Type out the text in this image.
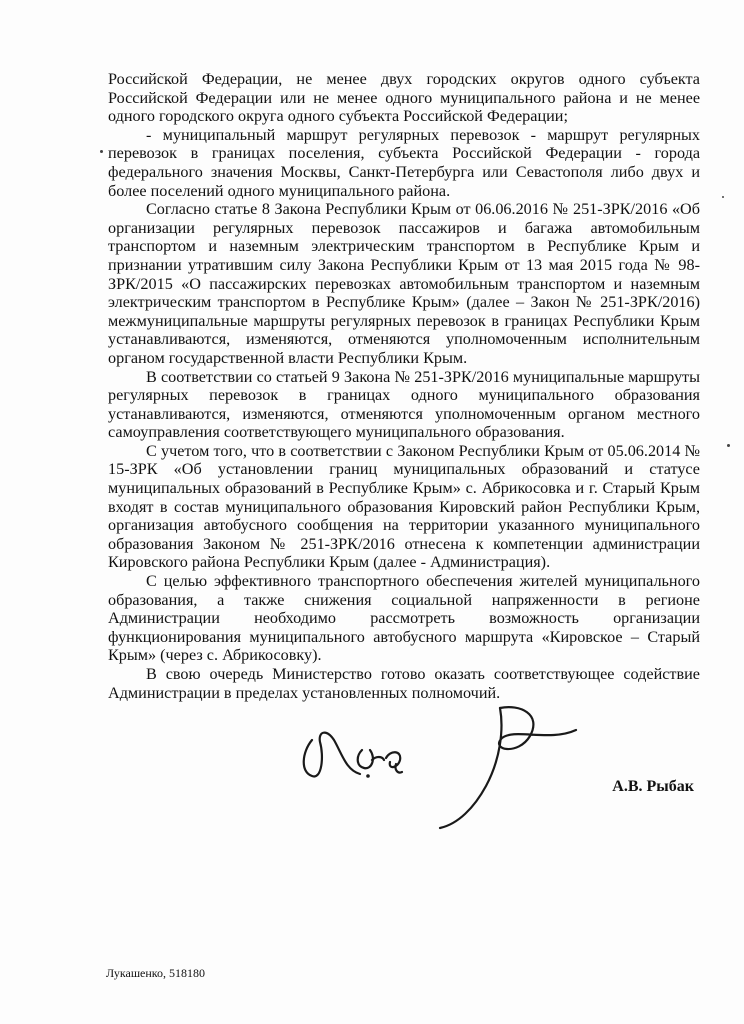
Российской Федерации, не менее двух городских округов одного субъекта Российской Федерации или не менее одного муниципального района и не менее одного городского округа одного субъекта Российской Федерации;

- муниципальный маршрут регулярных перевозок - маршрут регулярных перевозок в границах поселения, субъекта Российской Федерации - города федерального значения Москвы, Санкт-Петербурга или Севастополя либо двух и более поселений одного муниципального района.

Согласно статье 8 Закона Республики Крым от 06.06.2016 № 251-ЗРК/2016 «Об организации регулярных перевозок пассажиров и багажа автомобильным транспортом и наземным электрическим транспортом в Республике Крым и признании утратившим силу Закона Республики Крым от 13 мая 2015 года № 98-ЗРК/2015 «О пассажирских перевозках автомобильным транспортом и наземным электрическим транспортом в Республике Крым» (далее – Закон № 251-ЗРК/2016) межмуниципальные маршруты регулярных перевозок в границах Республики Крым устанавливаются, изменяются, отменяются уполномоченным исполнительным органом государственной власти Республики Крым.

В соответствии со статьей 9 Закона № 251-ЗРК/2016 муниципальные маршруты регулярных перевозок в границах одного муниципального образования устанавливаются, изменяются, отменяются уполномоченным органом местного самоуправления соответствующего муниципального образования.

С учетом того, что в соответствии с Законом Республики Крым от 05.06.2014 № 15-ЗРК «Об установлении границ муниципальных образований и статусе муниципальных образований в Республике Крым» с. Абрикосовка и г. Старый Крым входят в состав муниципального образования Кировский район Республики Крым, организация автобусного сообщения на территории указанного муниципального образования Законом № 251-ЗРК/2016 отнесена к компетенции администрации Кировского района Республики Крым (далее - Администрация).

С целью эффективного транспортного обеспечения жителей муниципального образования, а также снижения социальной напряженности в регионе Администрации необходимо рассмотреть возможность организации функционирования муниципального автобусного маршрута «Кировское – Старый Крым» (через с. Абрикосовку).

В свою очередь Министерство готово оказать соответствующее содействие Администрации в пределах установленных полномочий.

А.В. Рыбак
Лукашенко, 518180
